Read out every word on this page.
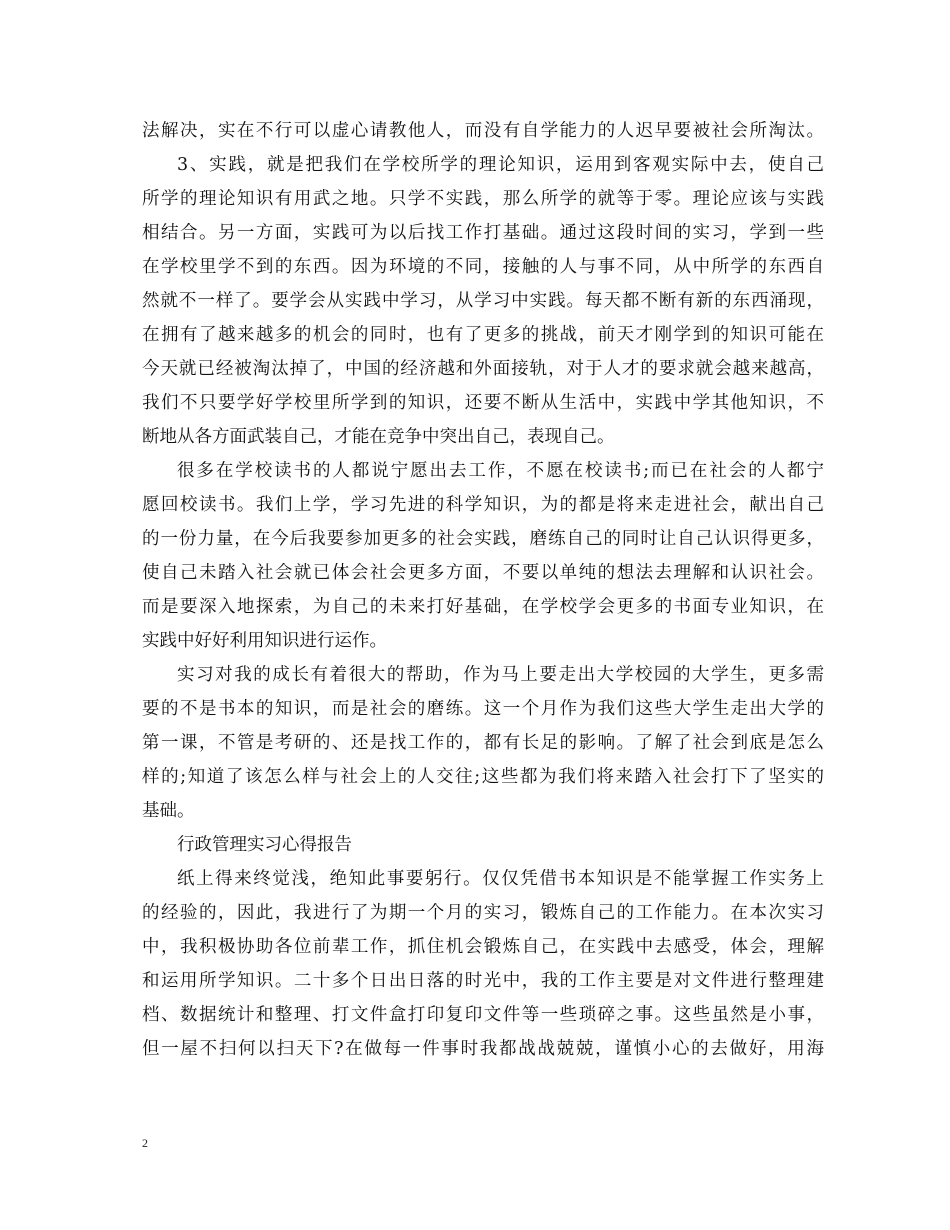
法解决，实在不行可以虚心请教他人，而没有自学能力的人迟早要被社会所淘汰。
3、实践，就是把我们在学校所学的理论知识，运用到客观实际中去，使自己
所学的理论知识有用武之地。只学不实践，那么所学的就等于零。理论应该与实践
相结合。另一方面，实践可为以后找工作打基础。通过这段时间的实习，学到一些
在学校里学不到的东西。因为环境的不同，接触的人与事不同，从中所学的东西自
然就不一样了。要学会从实践中学习，从学习中实践。每天都不断有新的东西涌现，
在拥有了越来越多的机会的同时，也有了更多的挑战，前天才刚学到的知识可能在
今天就已经被淘汰掉了，中国的经济越和外面接轨，对于人才的要求就会越来越高，
我们不只要学好学校里所学到的知识，还要不断从生活中，实践中学其他知识，不
断地从各方面武装自己，才能在竞争中突出自己，表现自己。
很多在学校读书的人都说宁愿出去工作，不愿在校读书;而已在社会的人都宁
愿回校读书。我们上学，学习先进的科学知识，为的都是将来走进社会，献出自己
的一份力量，在今后我要参加更多的社会实践，磨练自己的同时让自己认识得更多，
使自己未踏入社会就已体会社会更多方面，不要以单纯的想法去理解和认识社会。
而是要深入地探索，为自己的未来打好基础，在学校学会更多的书面专业知识，在
实践中好好利用知识进行运作。
实习对我的成长有着很大的帮助，作为马上要走出大学校园的大学生，更多需
要的不是书本的知识，而是社会的磨练。这一个月作为我们这些大学生走出大学的
第一课，不管是考研的、还是找工作的，都有长足的影响。了解了社会到底是怎么
样的;知道了该怎么样与社会上的人交往;这些都为我们将来踏入社会打下了坚实的
基础。
行政管理实习心得报告
纸上得来终觉浅，绝知此事要躬行。仅仅凭借书本知识是不能掌握工作实务上
的经验的，因此，我进行了为期一个月的实习，锻炼自己的工作能力。在本次实习
中，我积极协助各位前辈工作，抓住机会锻炼自己，在实践中去感受，体会，理解
和运用所学知识。二十多个日出日落的时光中，我的工作主要是对文件进行整理建
档、数据统计和整理、打文件盒打印复印文件等一些琐碎之事。这些虽然是小事，
但一屋不扫何以扫天下?在做每一件事时我都战战兢兢，谨慎小心的去做好，用海
2
